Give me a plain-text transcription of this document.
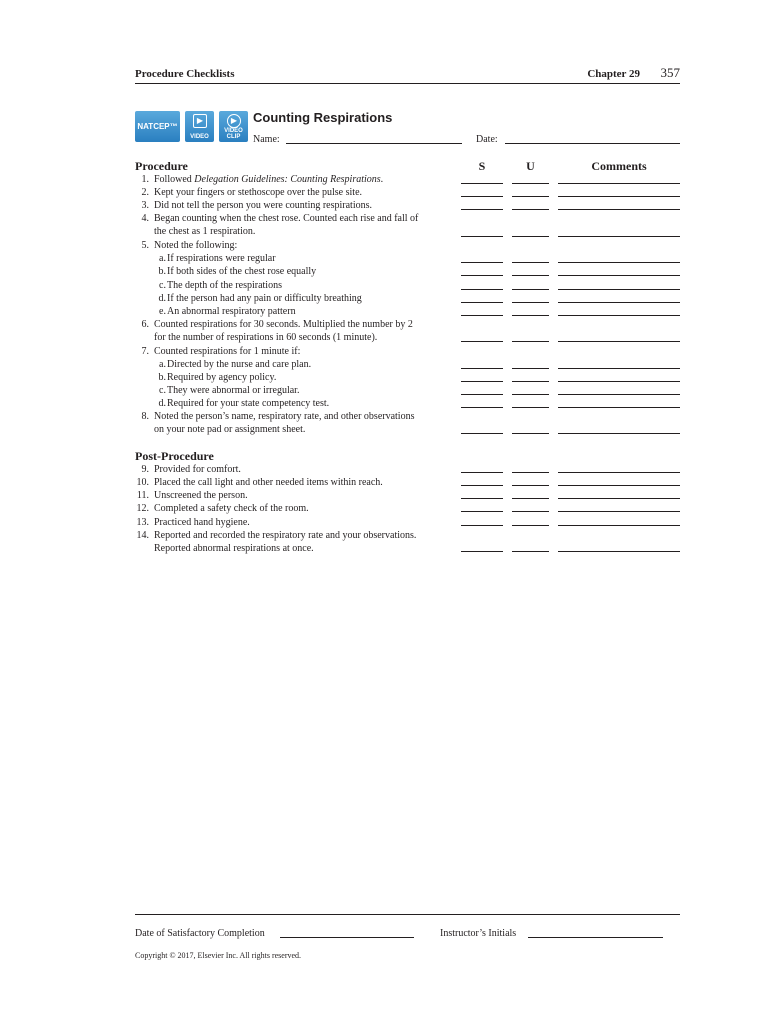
Procedure Checklists	Chapter 29 357
NATCEP™
▶
VIDEO
▶
VIDEO CLIP
Counting Respirations
Name:	Date:
Procedure	S	U	Comments
1. Followed Delegation Guidelines: Counting Respirations.
2. Kept your fingers or stethoscope over the pulse site.
3. Did not tell the person you were counting respirations.
4. Began counting when the chest rose. Counted each rise and fall of
the chest as 1 respiration.
5. Noted the following:
a. If respirations were regular
b. If both sides of the chest rose equally
c. The depth of the respirations
d. If the person had any pain or difficulty breathing
e. An abnormal respiratory pattern
6. Counted respirations for 30 seconds. Multiplied the number by 2
for the number of respirations in 60 seconds (1 minute).
7. Counted respirations for 1 minute if:
a. Directed by the nurse and care plan.
b. Required by agency policy.
c. They were abnormal or irregular.
d. Required for your state competency test.
8. Noted the person’s name, respiratory rate, and other observations
on your note pad or assignment sheet.
Post-Procedure
9. Provided for comfort.
10. Placed the call light and other needed items within reach.
11. Unscreened the person.
12. Completed a safety check of the room.
13. Practiced hand hygiene.
14. Reported and recorded the respiratory rate and your observations.
Reported abnormal respirations at once.
Date of Satisfactory Completion	Instructor’s Initials
Copyright © 2017, Elsevier Inc. All rights reserved.
